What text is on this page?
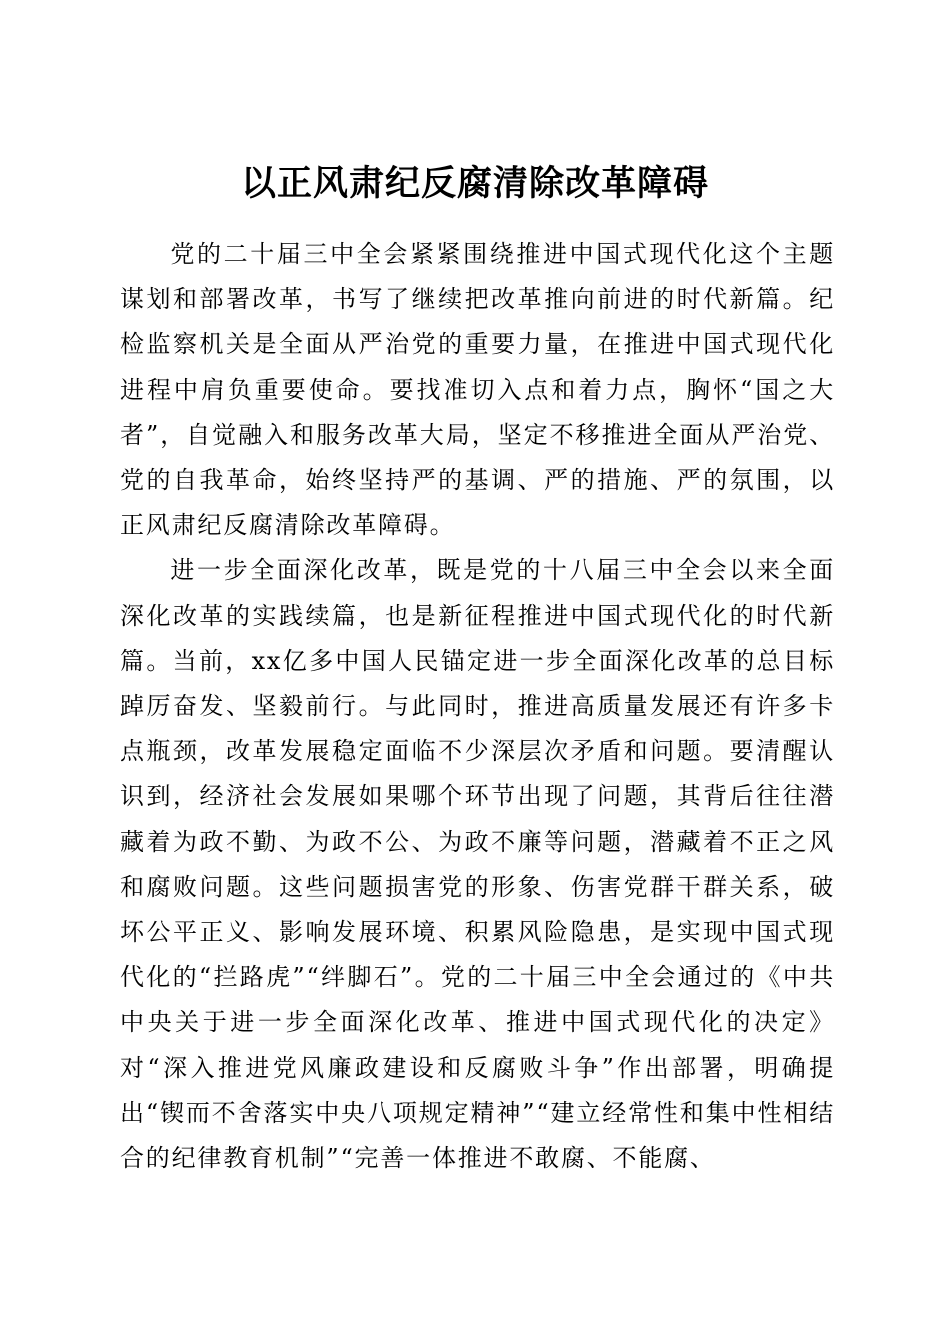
以正风肃纪反腐清除改革障碍

党的二十届三中全会紧紧围绕推进中国式现代化这个主题谋划和部署改革，书写了继续把改革推向前进的时代新篇。纪检监察机关是全面从严治党的重要力量，在推进中国式现代化进程中肩负重要使命。要找准切入点和着力点，胸怀“国之大者”，自觉融入和服务改革大局，坚定不移推进全面从严治党、党的自我革命，始终坚持严的基调、严的措施、严的氛围，以正风肃纪反腐清除改革障碍。

进一步全面深化改革，既是党的十八届三中全会以来全面深化改革的实践续篇，也是新征程推进中国式现代化的时代新篇。当前，xx亿多中国人民锚定进一步全面深化改革的总目标踔厉奋发、坚毅前行。与此同时，推进高质量发展还有许多卡点瓶颈，改革发展稳定面临不少深层次矛盾和问题。要清醒认识到，经济社会发展如果哪个环节出现了问题，其背后往往潜藏着为政不勤、为政不公、为政不廉等问题，潜藏着不正之风和腐败问题。这些问题损害党的形象、伤害党群干群关系，破坏公平正义、影响发展环境、积累风险隐患，是实现中国式现代化的“拦路虎”“绊脚石”。党的二十届三中全会通过的《中共中央关于进一步全面深化改革、推进中国式现代化的决定》对“深入推进党风廉政建设和反腐败斗争”作出部署，明确提出“锲而不舍落实中央八项规定精神”“建立经常性和集中性相结合的纪律教育机制”“完善一体推进不敢腐、不能腐、
